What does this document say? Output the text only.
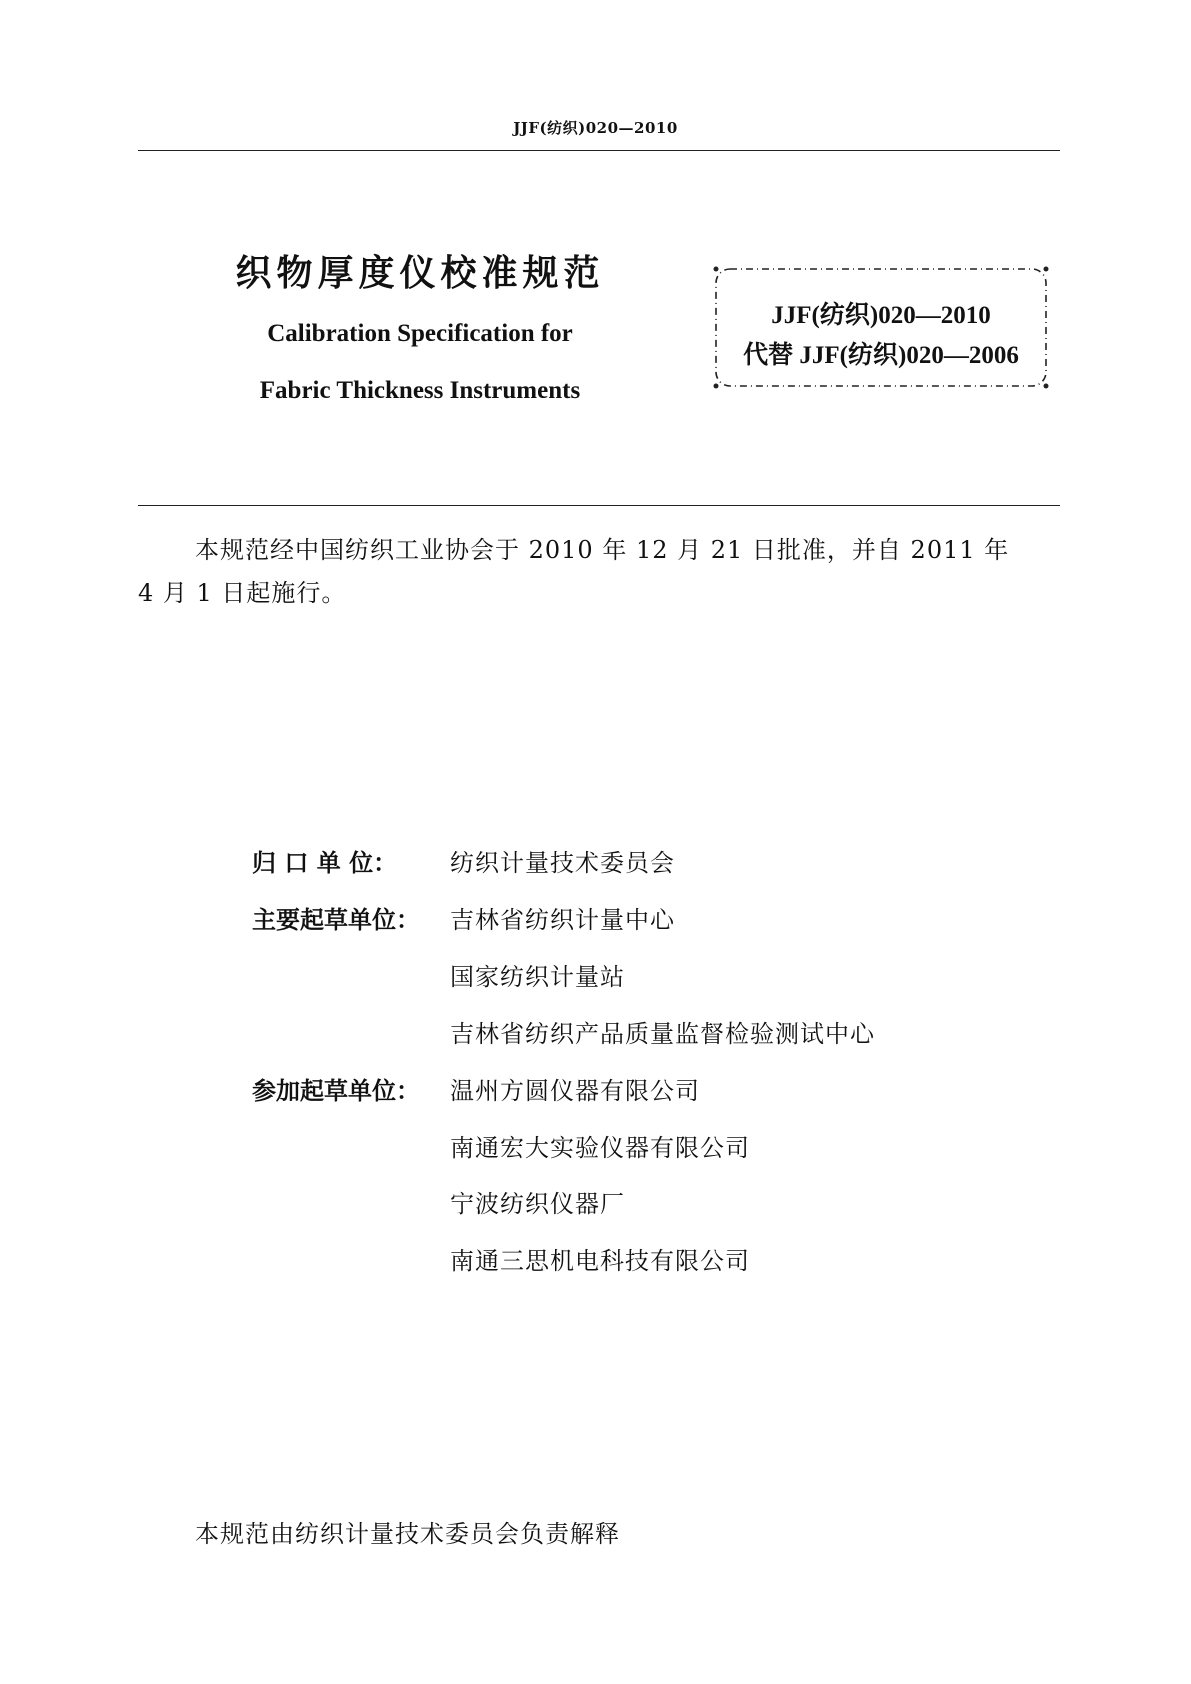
JJF(纺织)020—2010
织物厚度仪校准规范
Calibration Specification for
Fabric Thickness Instruments
JJF(纺织)020—2010
代替 JJF(纺织)020—2006
本规范经中国纺织工业协会于 2010 年 12 月 21 日批准，并自 2011 年
4 月 1 日起施行。
归 口 单 位：	纺织计量技术委员会
主要起草单位：	吉林省纺织计量中心
国家纺织计量站
吉林省纺织产品质量监督检验测试中心
参加起草单位：	温州方圆仪器有限公司
南通宏大实验仪器有限公司
宁波纺织仪器厂
南通三思机电科技有限公司
本规范由纺织计量技术委员会负责解释
